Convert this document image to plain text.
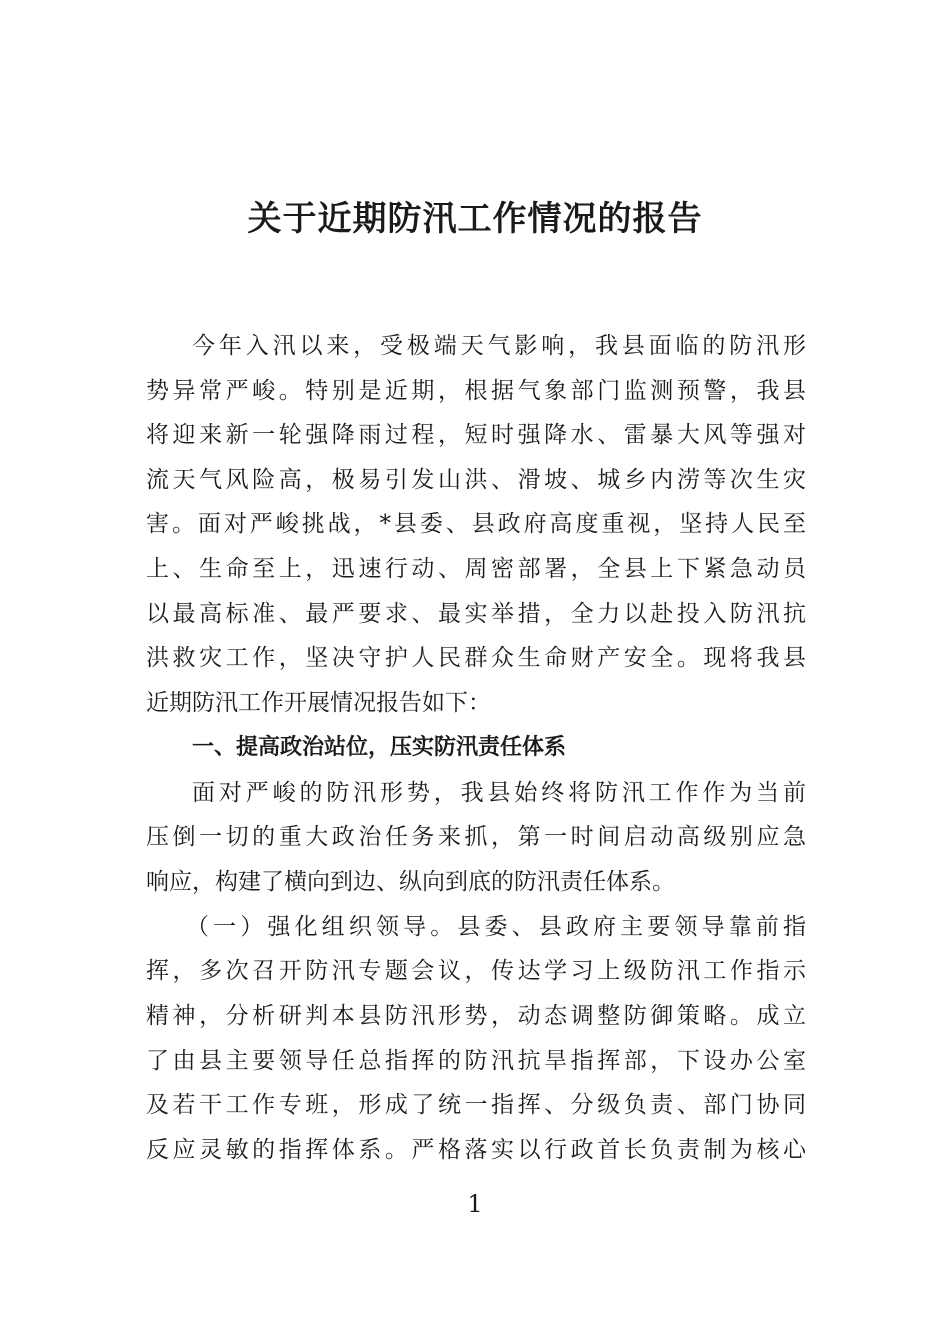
关于近期防汛工作情况的报告
今年入汛以来，受极端天气影响，我县面临的防汛形
势异常严峻。特别是近期，根据气象部门监测预警，我县
将迎来新一轮强降雨过程，短时强降水、雷暴大风等强对
流天气风险高，极易引发山洪、滑坡、城乡内涝等次生灾
害。面对严峻挑战，*县委、县政府高度重视，坚持人民至
上、生命至上，迅速行动、周密部署，全县上下紧急动员
以最高标准、最严要求、最实举措，全力以赴投入防汛抗
洪救灾工作，坚决守护人民群众生命财产安全。现将我县
近期防汛工作开展情况报告如下：
一、提高政治站位，压实防汛责任体系
面对严峻的防汛形势，我县始终将防汛工作作为当前
压倒一切的重大政治任务来抓，第一时间启动高级别应急
响应，构建了横向到边、纵向到底的防汛责任体系。
（一）强化组织领导。县委、县政府主要领导靠前指
挥，多次召开防汛专题会议，传达学习上级防汛工作指示
精神，分析研判本县防汛形势，动态调整防御策略。成立
了由县主要领导任总指挥的防汛抗旱指挥部，下设办公室
及若干工作专班，形成了统一指挥、分级负责、部门协同
反应灵敏的指挥体系。严格落实以行政首长负责制为核心
1
